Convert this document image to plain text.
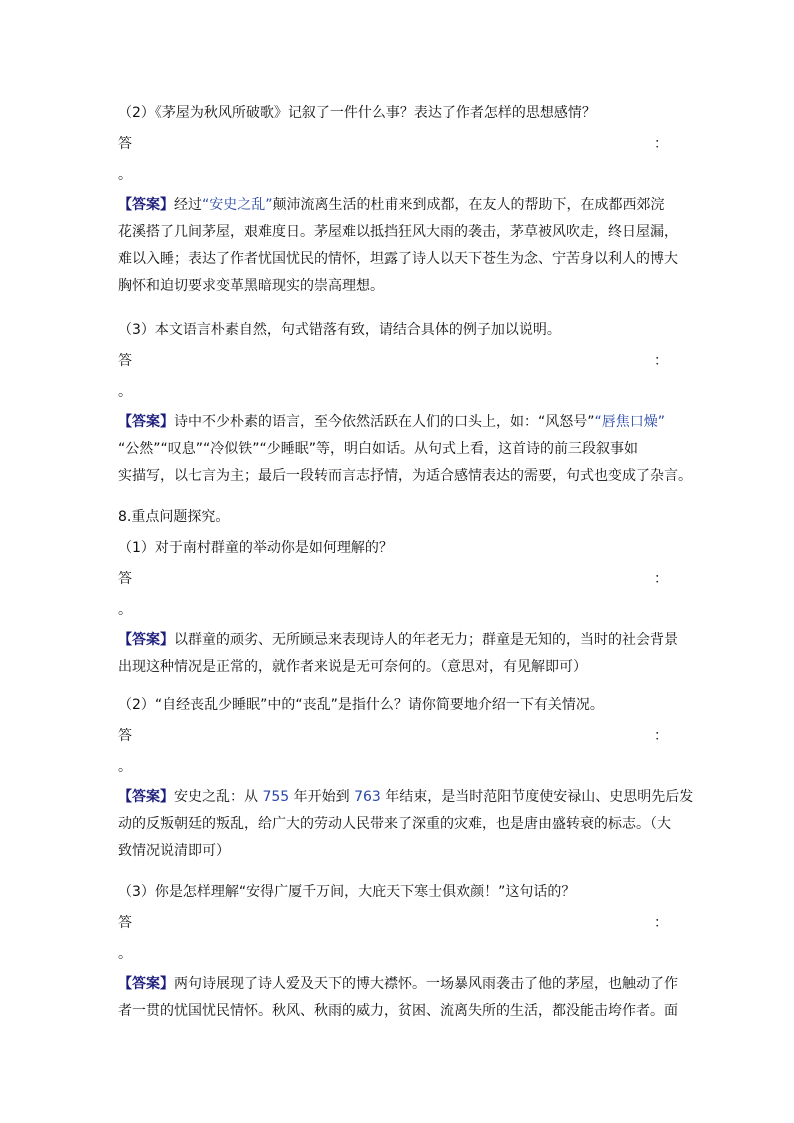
（2）《茅屋为秋风所破歌》记叙了一件什么事？表达了作者怎样的思想感情？
答	：
。
【答案】经过“安史之乱”颠沛流离生活的杜甫来到成都，在友人的帮助下，在成都西郊浣
花溪搭了几间茅屋，艰难度日。茅屋难以抵挡狂风大雨的袭击，茅草被风吹走，终日屋漏，
难以入睡；表达了作者忧国忧民的情怀，坦露了诗人以天下苍生为念、宁苦身以利人的博大
胸怀和迫切要求变革黑暗现实的崇高理想。
（3）本文语言朴素自然，句式错落有致，请结合具体的例子加以说明。
答	：
。
【答案】诗中不少朴素的语言，至今依然活跃在人们的口头上，如：“风怒号”“唇焦口燥”
“公然”“叹息”“冷似铁”“少睡眠”等，明白如话。从句式上看，这首诗的前三段叙事如
实描写，以七言为主；最后一段转而言志抒情，为适合感情表达的需要，句式也变成了杂言。
8.重点问题探究。
（1）对于南村群童的举动你是如何理解的？
答	：
。
【答案】以群童的顽劣、无所顾忌来表现诗人的年老无力；群童是无知的，当时的社会背景
出现这种情况是正常的，就作者来说是无可奈何的。（意思对，有见解即可）
（2）“自经丧乱少睡眠”中的“丧乱”是指什么？请你简要地介绍一下有关情况。
答	：
。
【答案】安史之乱：从 755 年开始到 763 年结束，是当时范阳节度使安禄山、史思明先后发
动的反叛朝廷的叛乱，给广大的劳动人民带来了深重的灾难，也是唐由盛转衰的标志。（大
致情况说清即可）
（3）你是怎样理解“安得广厦千万间，大庇天下寒士俱欢颜！”这句话的？
答	：
。
【答案】两句诗展现了诗人爱及天下的博大襟怀。一场暴风雨袭击了他的茅屋，也触动了作
者一贯的忧国忧民情怀。秋风、秋雨的威力，贫困、流离失所的生活，都没能击垮作者。面
